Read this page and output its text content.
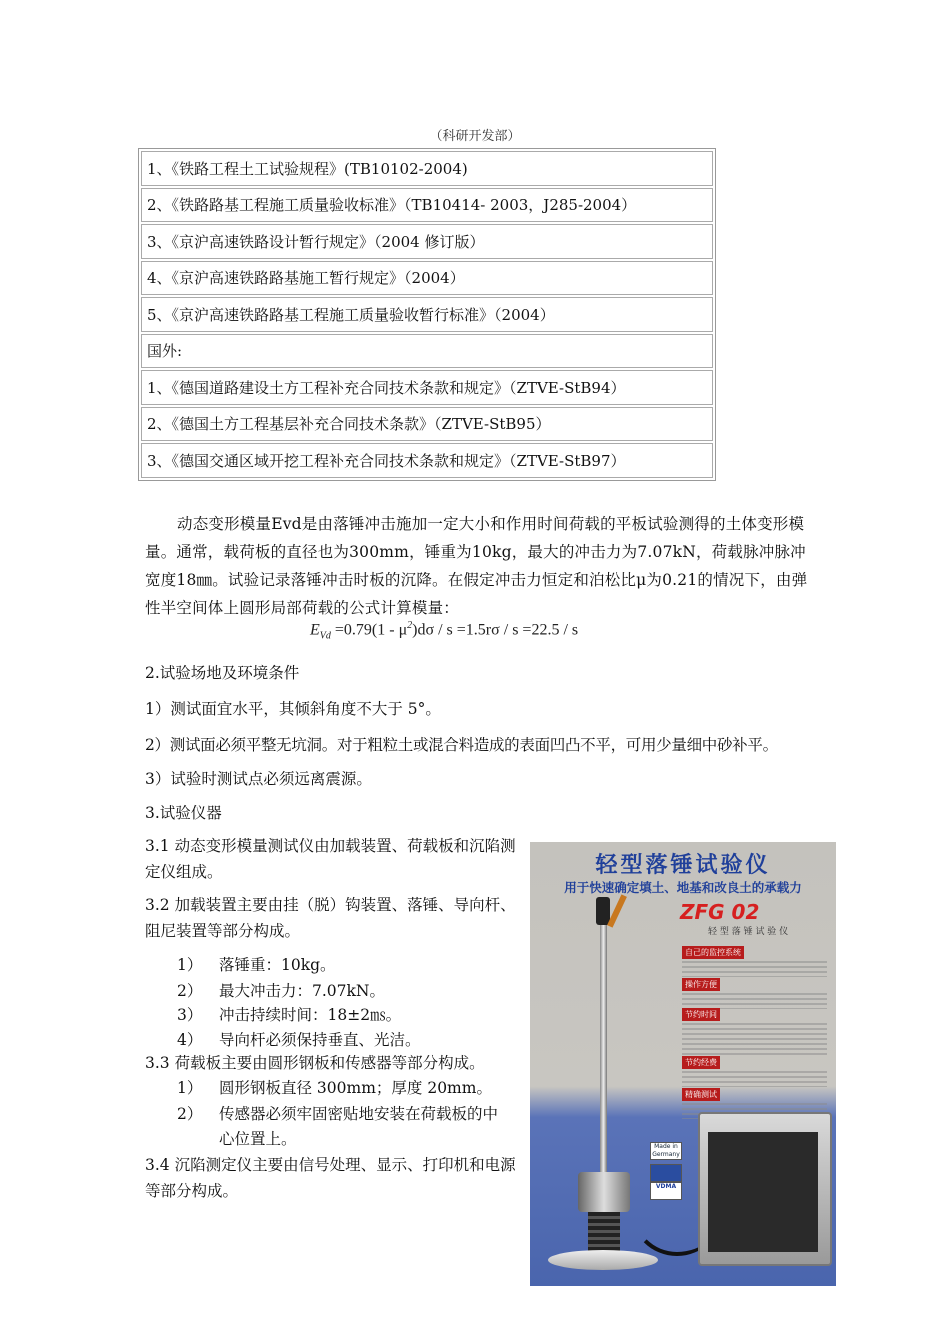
（科研开发部）
1、《铁路工程土工试验规程》(TB10102-2004)
2、《铁路路基工程施工质量验收标准》（TB10414- 2003，J285-2004）
3、《京沪高速铁路设计暂行规定》（2004 修订版）
4、《京沪高速铁路路基施工暂行规定》（2004）
5、《京沪高速铁路路基工程施工质量验收暂行标准》（2004）
国外:
1、《德国道路建设土方工程补充合同技术条款和规定》（ZTVE-StB94）
2、《德国土方工程基层补充合同技术条款》（ZTVE-StB95）
3、《德国交通区域开挖工程补充合同技术条款和规定》（ZTVE-StB97）
动态变形模量Evd是由落锤冲击施加一定大小和作用时间荷载的平板试验测得的土体变形模量。通常，载荷板的直径也为300mm，锤重为10kg，最大的冲击力为7.07kN，荷载脉冲脉冲宽度18㎜。试验记录落锤冲击时板的沉降。在假定冲击力恒定和泊松比μ为0.21的情况下，由弹性半空间体上圆形局部荷载的公式计算模量：
$E_{Vd} =0.79(1 - \mu^2)d\sigma / s =1.5r\sigma / s =22.5 / s$
2.试验场地及环境条件
1）测试面宜水平，其倾斜角度不大于 5°。
2）测试面必须平整无坑洞。对于粗粒土或混合料造成的表面凹凸不平，可用少量细中砂补平。
3）试验时测试点必须远离震源。
3.试验仪器
3.1 动态变形模量测试仪由加载装置、荷载板和沉陷测定仪组成。
3.2 加载装置主要由挂（脱）钩装置、落锤、导向杆、阻尼装置等部分构成。
1） 落锤重：10kg。
2） 最大冲击力：7.07kN。
3） 冲击持续时间：18±2㎳。
4） 导向杆必须保持垂直、光洁。
3.3 荷载板主要由圆形钢板和传感器等部分构成。
1） 圆形钢板直径 300mm；厚度 20mm。
2） 传感器必须牢固密贴地安装在荷载板的中
心位置上。
3.4 沉陷测定仪主要由信号处理、显示、打印机和电源等部分构成。
轻型落锤试验仪
用于快速确定填土、地基和改良土的承载力
ZFG 02
轻 型 落 锤 试 验 仪
自己的监控系统
操作方便
节约时间
节约经费
精确测试
Made in Germany
VDMA
